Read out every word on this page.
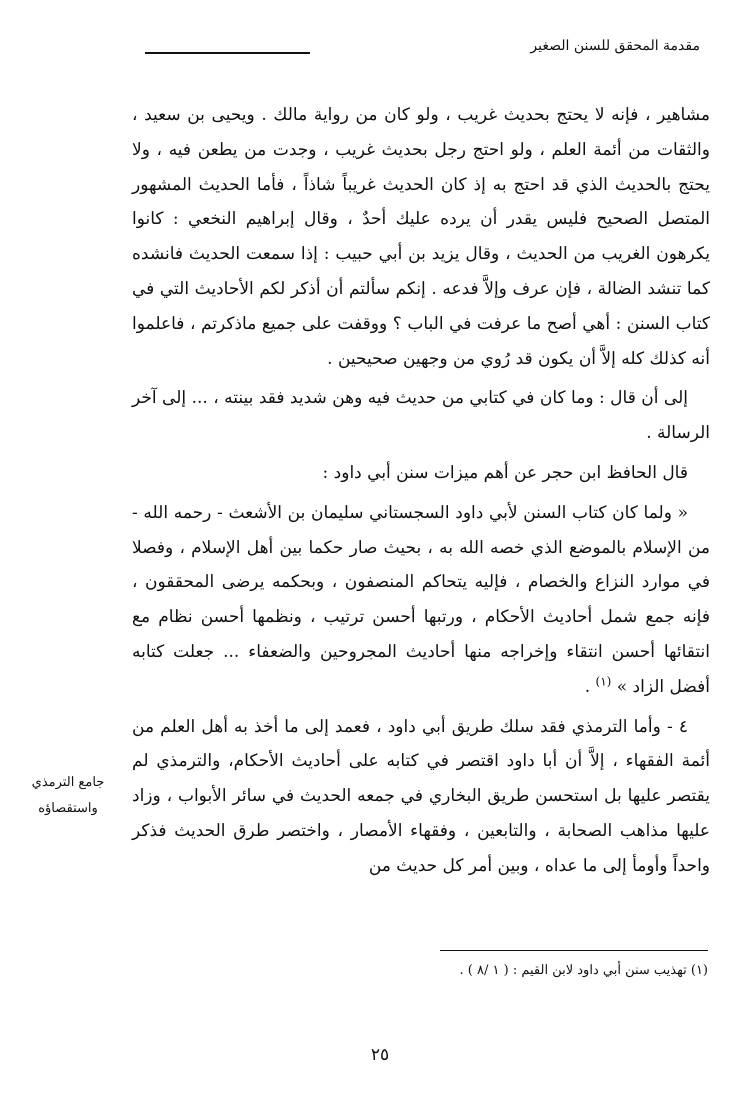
مقدمة المحقق للسنن الصغير

مشاهير ، فإنه لا يحتج بحديث غريب ، ولو كان من رواية مالك . ويحيى بن سعيد ، والثقات من أئمة العلم ، ولو احتج رجل بحديث غريب ، وجدت من يطعن فيه ، ولا يحتج بالحديث الذي قد احتج به إذ كان الحديث غريباً شاذاً ، فأما الحديث المشهور المتصل الصحيح فليس يقدر أن يرده عليك أحدٌ ، وقال إبراهيم النخعي : كانوا يكرهون الغريب من الحديث ، وقال يزيد بن أبي حبيب : إذا سمعت الحديث فانشده كما تنشد الضالة ، فإن عرف وإلاَّ فدعه . إنكم سألتم أن أذكر لكم الأحاديث التي في كتاب السنن : أهي أصح ما عرفت في الباب ؟ ووقفت على جميع ماذكرتم ، فاعلموا أنه كذلك كله إلاَّ أن يكون قد رُوي من وجهين صحيحين .

إلى أن قال : وما كان في كتابي من حديث فيه وهن شديد فقد بينته ، ... إلى آخر الرسالة .

قال الحافظ ابن حجر عن أهم ميزات سنن أبي داود :

« ولما كان كتاب السنن لأبي داود السجستاني سليمان بن الأشعث - رحمه الله - من الإسلام بالموضع الذي خصه الله به ، بحيث صار حكما بين أهل الإسلام ، وفصلا في موارد النزاع والخصام ، فإليه يتحاكم المنصفون ، وبحكمه يرضى المحققون ، فإنه جمع شمل أحاديث الأحكام ، ورتبها أحسن ترتيب ، ونظمها أحسن نظام مع انتقائها أحسن انتقاء وإخراجه منها أحاديث المجروحين والضعفاء ... جعلت كتابه أفضل الزاد » $^{(١)}$ .

٤ - وأما الترمذي فقد سلك طريق أبي داود ، فعمد إلى ما أخذ به أهل العلم من أئمة الفقهاء ، إلاَّ أن أبا داود اقتصر في كتابه على أحاديث الأحكام، والترمذي لم يقتصر عليها بل استحسن طريق البخاري في جمعه الحديث في سائر الأبواب ، وزاد عليها مذاهب الصحابة ، والتابعين ، وفقهاء الأمصار ، واختصر طرق الحديث فذكر واحداً وأومأ إلى ما عداه ، وبين أمر كل حديث من

جامع الترمذي
واستقصاؤه
(١) تهذيب سنن أبي داود لابن القيم : ( ١ /٨ ) .
٢٥
